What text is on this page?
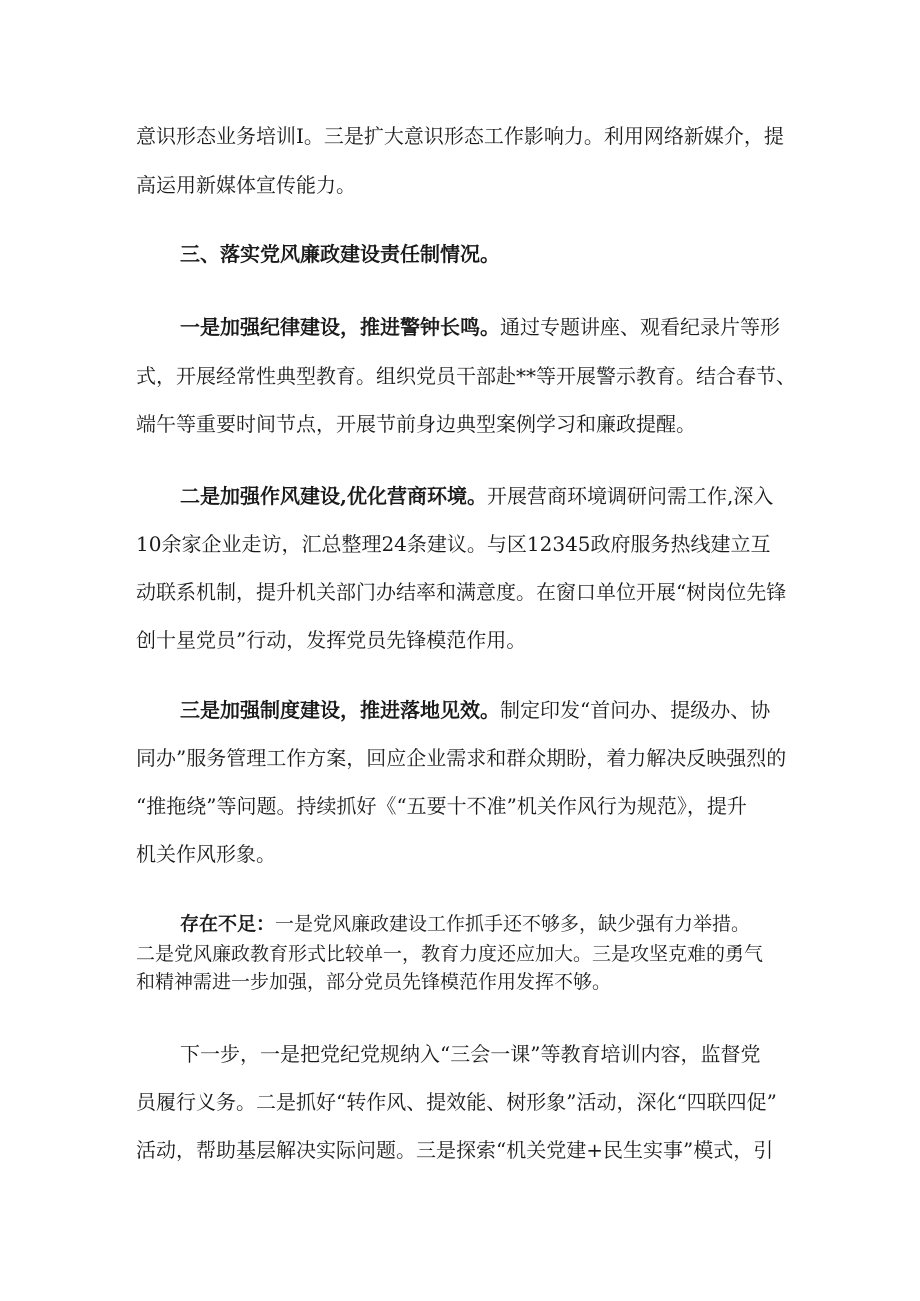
意识形态业务培训Ⅰ。三是扩大意识形态工作影响力。利用网络新媒介，提
高运用新媒体宣传能力。
三、落实党风廉政建设责任制情况。
一是加强纪律建设，推进警钟长鸣。通过专题讲座、观看纪录片等形
式，开展经常性典型教育。组织党员干部赴**等开展警示教育。结合春节、
端午等重要时间节点，开展节前身边典型案例学习和廉政提醒。
二是加强作风建设,优化营商环境。开展营商环境调研问需工作,深入
10余家企业走访，汇总整理24条建议。与区12345政府服务热线建立互
动联系机制，提升机关部门办结率和满意度。在窗口单位开展“树岗位先锋
创十星党员”行动，发挥党员先锋模范作用。
三是加强制度建设，推进落地见效。制定印发“首问办、提级办、协
同办”服务管理工作方案，回应企业需求和群众期盼，着力解决反映强烈的
“推拖绕”等问题。持续抓好《“五要十不准”机关作风行为规范》，提升
机关作风形象。
存在不足：一是党风廉政建设工作抓手还不够多，缺少强有力举措。
二是党风廉政教育形式比较单一，教育力度还应加大。三是攻坚克难的勇气
和精神需进一步加强，部分党员先锋模范作用发挥不够。
下一步，一是把党纪党规纳入“三会一课”等教育培训内容，监督党
员履行义务。二是抓好“转作风、提效能、树形象”活动，深化“四联四促”
活动，帮助基层解决实际问题。三是探索“机关党建+民生实事”模式，引
